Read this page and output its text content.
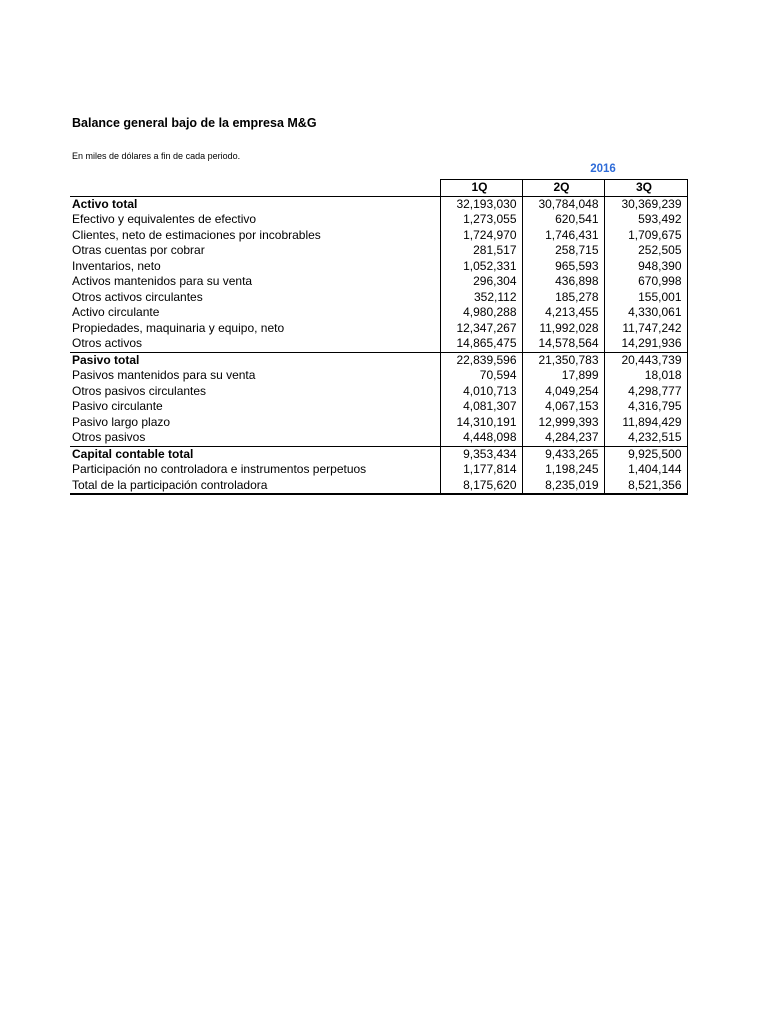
Balance general bajo de la empresa M&G
En miles de dólares a fin de cada periodo.
2016
	1Q	2Q	3Q
Activo total	32,193,030	30,784,048	30,369,239
Efectivo y equivalentes de efectivo	1,273,055	620,541	593,492
Clientes, neto de estimaciones por incobrables	1,724,970	1,746,431	1,709,675
Otras cuentas por cobrar	281,517	258,715	252,505
Inventarios, neto	1,052,331	965,593	948,390
Activos mantenidos para su venta	296,304	436,898	670,998
Otros activos circulantes	352,112	185,278	155,001
Activo circulante	4,980,288	4,213,455	4,330,061
Propiedades, maquinaria y equipo, neto	12,347,267	11,992,028	11,747,242
Otros activos	14,865,475	14,578,564	14,291,936
Pasivo total	22,839,596	21,350,783	20,443,739
Pasivos mantenidos para su venta	70,594	17,899	18,018
Otros pasivos circulantes	4,010,713	4,049,254	4,298,777
Pasivo circulante	4,081,307	4,067,153	4,316,795
Pasivo largo plazo	14,310,191	12,999,393	11,894,429
Otros pasivos	4,448,098	4,284,237	4,232,515
Capital contable total	9,353,434	9,433,265	9,925,500
Participación no controladora e instrumentos perpetuos	1,177,814	1,198,245	1,404,144
Total de la participación controladora	8,175,620	8,235,019	8,521,356
